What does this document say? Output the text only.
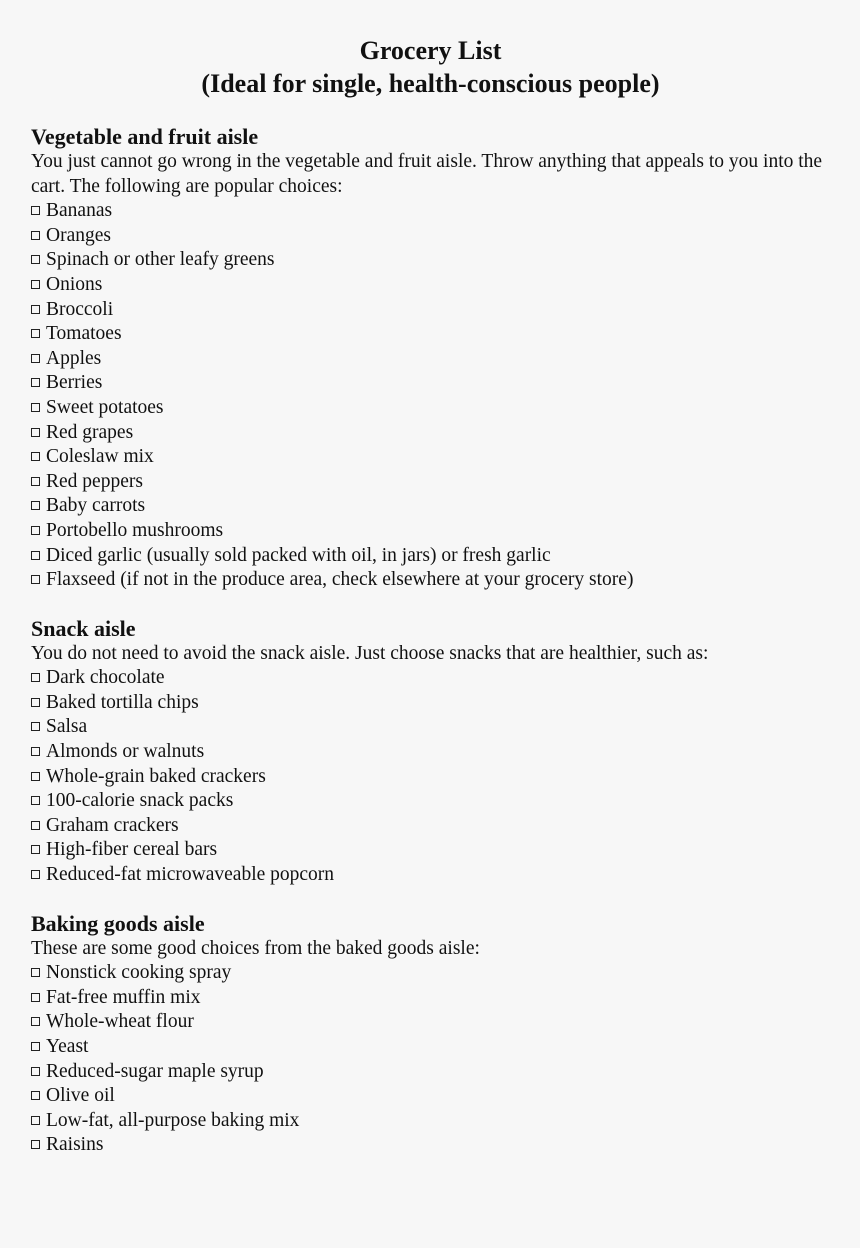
Grocery List
(Ideal for single, health-conscious people)
Vegetable and fruit aisle

You just cannot go wrong in the vegetable and fruit aisle. Throw anything that appeals to you into the cart. The following are popular choices:

Bananas
Oranges
Spinach or other leafy greens
Onions
Broccoli
Tomatoes
Apples
Berries
Sweet potatoes
Red grapes
Coleslaw mix
Red peppers
Baby carrots
Portobello mushrooms
Diced garlic (usually sold packed with oil, in jars) or fresh garlic
Flaxseed (if not in the produce area, check elsewhere at your grocery store)
Snack aisle

You do not need to avoid the snack aisle. Just choose snacks that are healthier, such as:

Dark chocolate
Baked tortilla chips
Salsa
Almonds or walnuts
Whole-grain baked crackers
100-calorie snack packs
Graham crackers
High-fiber cereal bars
Reduced-fat microwaveable popcorn
Baking goods aisle

These are some good choices from the baked goods aisle:

Nonstick cooking spray
Fat-free muffin mix
Whole-wheat flour
Yeast
Reduced-sugar maple syrup
Olive oil
Low-fat, all-purpose baking mix
Raisins
